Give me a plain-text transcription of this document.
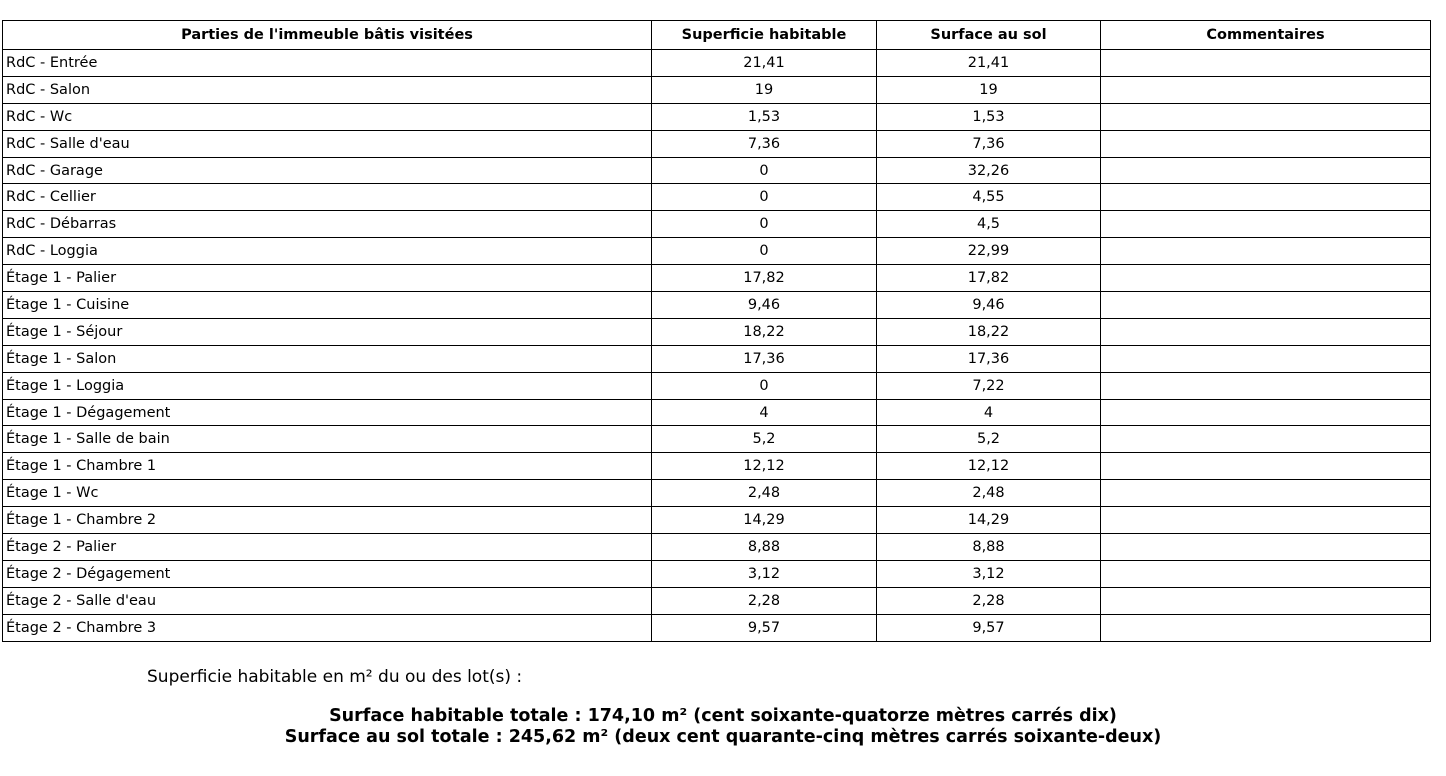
Parties de l'immeuble bâtis visitées	Superficie habitable	Surface au sol	Commentaires
RdC - Entrée	21,41	21,41	
RdC - Salon	19	19	
RdC - Wc	1,53	1,53	
RdC - Salle d'eau	7,36	7,36	
RdC - Garage	0	32,26	
RdC - Cellier	0	4,55	
RdC - Débarras	0	4,5	
RdC - Loggia	0	22,99	
Étage 1 - Palier	17,82	17,82	
Étage 1 - Cuisine	9,46	9,46	
Étage 1 - Séjour	18,22	18,22	
Étage 1 - Salon	17,36	17,36	
Étage 1 - Loggia	0	7,22	
Étage 1 - Dégagement	4	4	
Étage 1 - Salle de bain	5,2	5,2	
Étage 1 - Chambre 1	12,12	12,12	
Étage 1 - Wc	2,48	2,48	
Étage 1 - Chambre 2	14,29	14,29	
Étage 2 - Palier	8,88	8,88	
Étage 2 - Dégagement	3,12	3,12	
Étage 2 - Salle d'eau	2,28	2,28	
Étage 2 - Chambre 3	9,57	9,57	
Superficie habitable en m² du ou des lot(s) :
Surface habitable totale : 174,10 m² (cent soixante-quatorze mètres carrés dix)
Surface au sol totale : 245,62 m² (deux cent quarante-cinq mètres carrés soixante-deux)
